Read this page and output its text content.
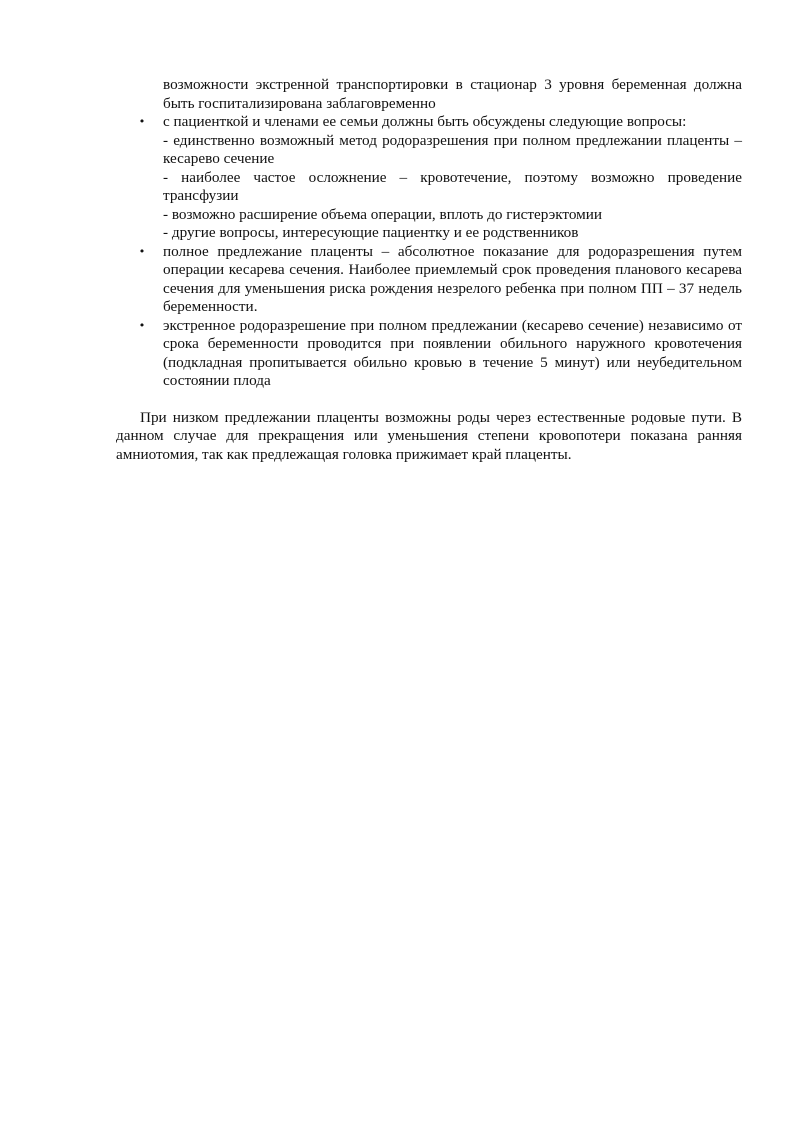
возможности экстренной транспортировки в стационар 3 уровня беременная должна быть госпитализирована заблаговременно

• с пациенткой и членами ее семьи должны быть обсуждены следующие вопросы:
- единственно возможный метод родоразрешения при полном предлежании плаценты – кесарево сечение
- наиболее частое осложнение – кровотечение, поэтому возможно проведение трансфузии
- возможно расширение объема операции, вплоть до гистерэктомии
- другие вопросы, интересующие пациентку и ее родственников
• полное предлежание плаценты – абсолютное показание для родоразрешения путем операции кесарева сечения. Наиболее приемлемый срок проведения планового кесарева сечения для уменьшения риска рождения незрелого ребенка при полном ПП – 37 недель беременности.
• экстренное родоразрешение при полном предлежании (кесарево сечение) независимо от срока беременности проводится при появлении обильного наружного кровотечения (подкладная пропитывается обильно кровью в течение 5 минут) или неубедительном состоянии плода

При низком предлежании плаценты возможны роды через естественные родовые пути. В данном случае для прекращения или уменьшения степени кровопотери показана ранняя амниотомия, так как предлежащая головка прижимает край плаценты.
